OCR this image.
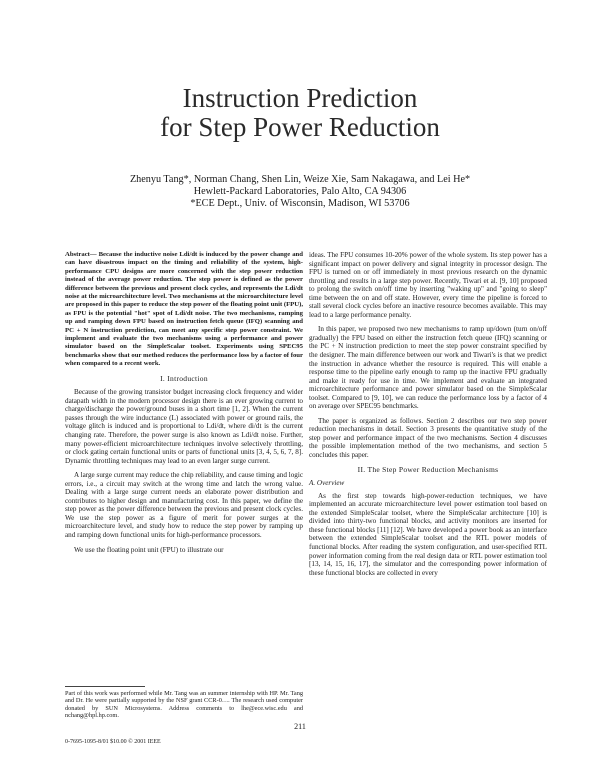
Instruction Prediction
for Step Power Reduction
Zhenyu Tang*, Norman Chang, Shen Lin, Weize Xie, Sam Nakagawa, and Lei He*
Hewlett-Packard Laboratories, Palo Alto, CA 94306
*ECE Dept., Univ. of Wisconsin, Madison, WI 53706

Abstract— Because the inductive noise Ldi/dt is induced by the power change and can have disastrous impact on the timing and reliability of the system, high-performance CPU designs are more concerned with the step power reduction instead of the average power reduction. The step power is defined as the power difference between the previous and present clock cycles, and represents the Ldi/dt noise at the microarchitecture level. Two mechanisms at the microarchitecture level are proposed in this paper to reduce the step power of the floating point unit (FPU), as FPU is the potential "hot" spot of Ldi/dt noise. The two mechanisms, ramping up and ramping down FPU based on instruction fetch queue (IFQ) scanning and PC + N instruction prediction, can meet any specific step power constraint. We implement and evaluate the two mechanisms using a performance and power simulator based on the SimpleScalar toolset. Experiments using SPEC95 benchmarks show that our method reduces the performance loss by a factor of four when compared to a recent work.

I. Introduction

Because of the growing transistor budget increasing clock frequency and wider datapath width in the modern processor design there is an ever growing current to charge/discharge the power/ground buses in a short time [1, 2]. When the current passes through the wire inductance (L) associated with power or ground rails, the voltage glitch is induced and is proportional to Ldi/dt, where di/dt is the current changing rate. Therefore, the power surge is also known as Ldi/dt noise. Further, many power-efficient microarchitecture techniques involve selectively throttling, or clock gating certain functional units or parts of functional units [3, 4, 5, 6, 7, 8]. Dynamic throttling techniques may lead to an even larger surge current.

A large surge current may reduce the chip reliability, and cause timing and logic errors, i.e., a circuit may switch at the wrong time and latch the wrong value. Dealing with a large surge current needs an elaborate power distribution and contributes to higher design and manufacturing cost. In this paper, we define the step power as the power difference between the previous and present clock cycles. We use the step power as a figure of merit for power surges at the microarchitecture level, and study how to reduce the step power by ramping up and ramping down functional units for high-performance processors.

We use the floating point unit (FPU) to illustrate our

Part of this work was performed while Mr. Tang was an summer internship with HP. Mr. Tang and Dr. He were partially supported by the NSF grant CCR-0…. The research used computer donated by SUN Microsystems. Address comments to lhe@ece.wisc.edu and nchang@hpl.hp.com.

ideas. The FPU consumes 10-20% power of the whole system. Its step power has a significant impact on power delivery and signal integrity in processor design. The FPU is turned on or off immediately in most previous research on the dynamic throttling and results in a large step power. Recently, Tiwari et al. [9, 10] proposed to prolong the switch on/off time by inserting "waking up" and "going to sleep" time between the on and off state. However, every time the pipeline is forced to stall several clock cycles before an inactive resource becomes available. This may lead to a large performance penalty.

In this paper, we proposed two new mechanisms to ramp up/down (turn on/off gradually) the FPU based on either the instruction fetch queue (IFQ) scanning or the PC + N instruction prediction to meet the step power constraint specified by the designer. The main difference between our work and Tiwari's is that we predict the instruction in advance whether the resource is required. This will enable a response time to the pipeline early enough to ramp up the inactive FPU gradually and make it ready for use in time. We implement and evaluate an integrated microarchitecture performance and power simulator based on the SimpleScalar toolset. Compared to [9, 10], we can reduce the performance loss by a factor of 4 on average over SPEC95 benchmarks.

The paper is organized as follows. Section 2 describes our two step power reduction mechanisms in detail. Section 3 presents the quantitative study of the step power and performance impact of the two mechanisms. Section 4 discusses the possible implementation method of the two mechanisms, and section 5 concludes this paper.

II. The Step Power Reduction Mechanisms
A. Overview

As the first step towards high-power-reduction techniques, we have implemented an accurate microarchitecture level power estimation tool based on the extended SimpleScalar toolset, where the SimpleScalar architecture [10] is divided into thirty-two functional blocks, and activity monitors are inserted for these functional blocks [11] [12]. We have developed a power book as an interface between the extended SimpleScalar toolset and the RTL power models of functional blocks. After reading the system configuration, and user-specified RTL power information coming from the real design data or RTL power estimation tool [13, 14, 15, 16, 17], the simulator and the corresponding power information of these functional blocks are collected in every

211
0-7695-1095-8/01 $10.00 © 2001 IEEE
